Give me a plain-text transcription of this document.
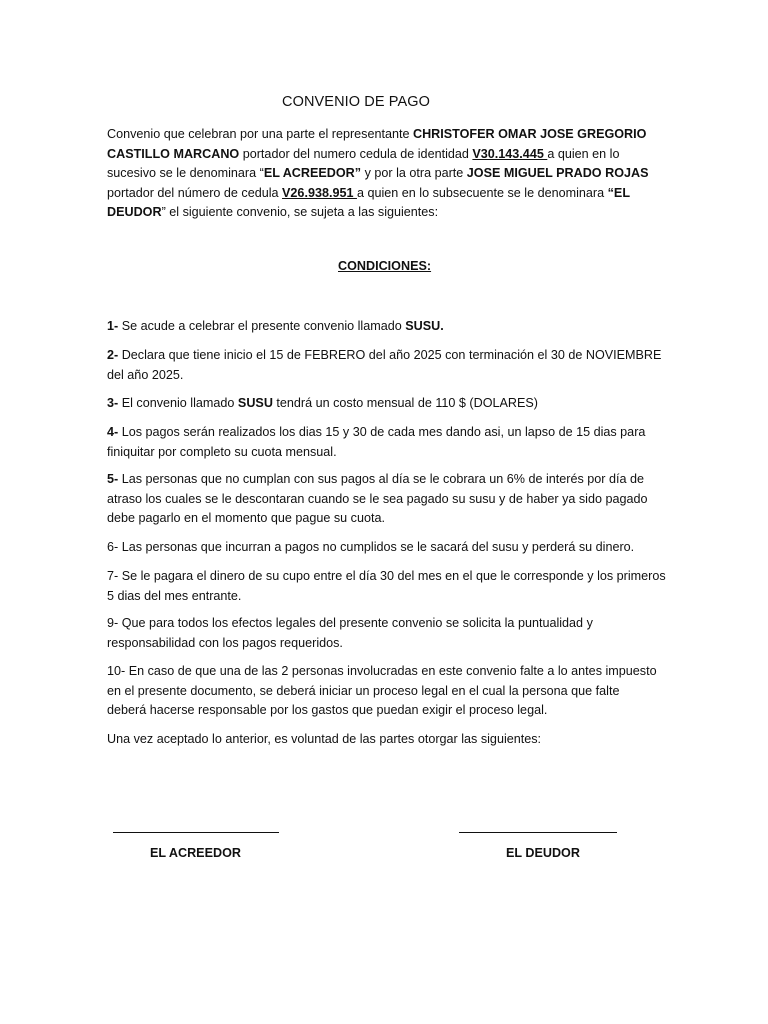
CONVENIO DE PAGO
Convenio que celebran por una parte el representante CHRISTOFER OMAR JOSE GREGORIO
CASTILLO MARCANO portador del numero cedula de identidad V30.143.445 a quien en lo
sucesivo se le denominara “EL ACREEDOR” y por la otra parte JOSE MIGUEL PRADO ROJAS
portador del número de cedula V26.938.951 a quien en lo subsecuente se le denominara “EL
DEUDOR” el siguiente convenio, se sujeta a las siguientes:
CONDICIONES:
1- Se acude a celebrar el presente convenio llamado SUSU.
2- Declara que tiene inicio el 15 de FEBRERO del año 2025 con terminación el 30 de NOVIEMBRE
del año 2025.
3- El convenio llamado SUSU tendrá un costo mensual de 110 $ (DOLARES)
4- Los pagos serán realizados los dias 15 y 30 de cada mes dando asi, un lapso de 15 dias para
finiquitar por completo su cuota mensual.
5- Las personas que no cumplan con sus pagos al día se le cobrara un 6% de interés por día de
atraso los cuales se le descontaran cuando se le sea pagado su susu y de haber ya sido pagado
debe pagarlo en el momento que pague su cuota.
6- Las personas que incurran a pagos no cumplidos se le sacará del susu y perderá su dinero.
7- Se le pagara el dinero de su cupo entre el día 30 del mes en el que le corresponde y los primeros
5 dias del mes entrante.
9- Que para todos los efectos legales del presente convenio se solicita la puntualidad y
responsabilidad con los pagos requeridos.
10- En caso de que una de las 2 personas involucradas en este convenio falte a lo antes impuesto
en el presente documento, se deberá iniciar un proceso legal en el cual la persona que falte
deberá hacerse responsable por los gastos que puedan exigir el proceso legal.
Una vez aceptado lo anterior, es voluntad de las partes otorgar las siguientes:
EL ACREEDOR	EL DEUDOR
